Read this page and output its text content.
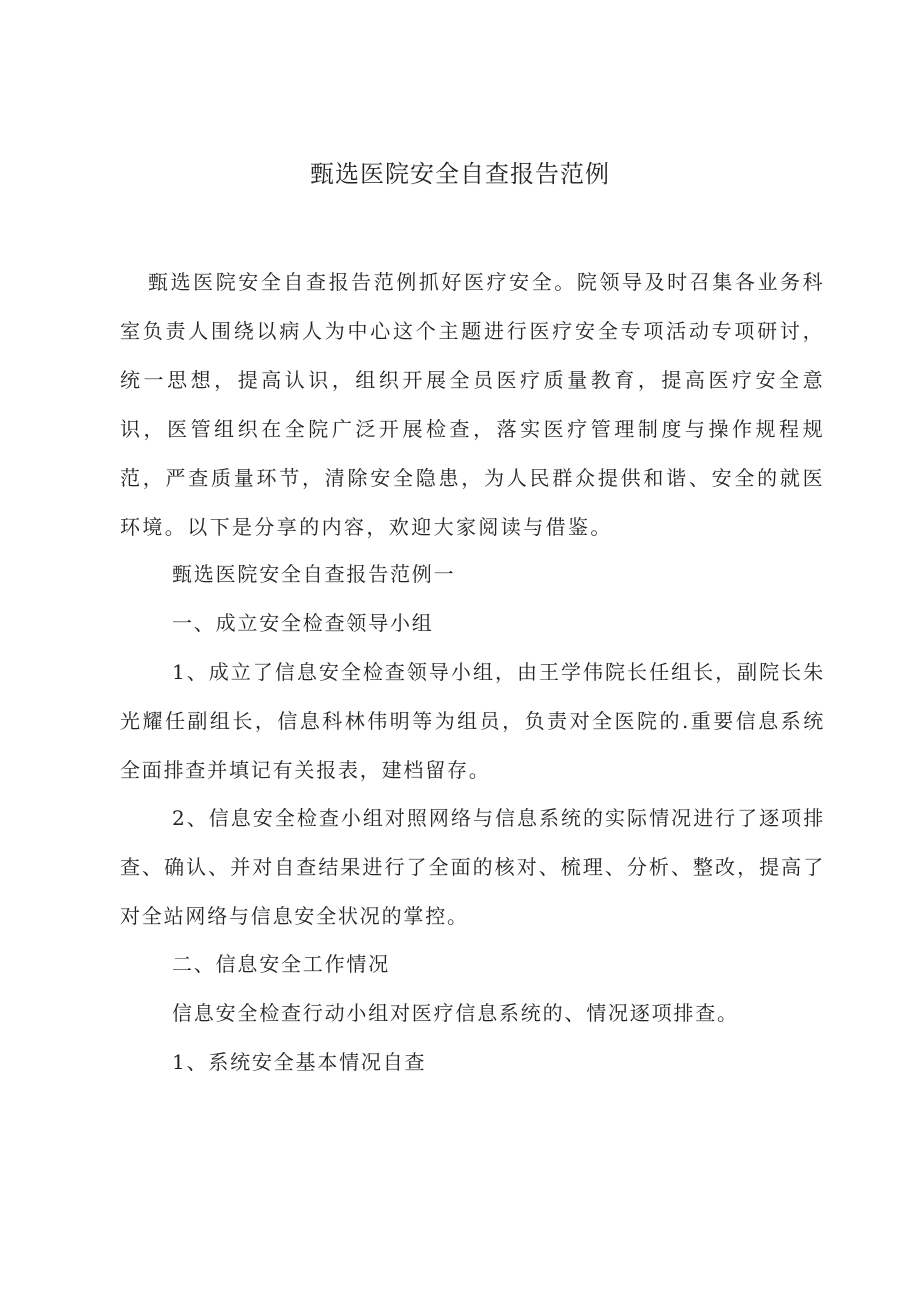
甄选医院安全自查报告范例
甄选医院安全自查报告范例抓好医疗安全。院领导及时召集各业务科室负责人围绕以病人为中心这个主题进行医疗安全专项活动专项研讨，统一思想，提高认识，组织开展全员医疗质量教育，提高医疗安全意识，医管组织在全院广泛开展检查，落实医疗管理制度与操作规程规范，严查质量环节，清除安全隐患，为人民群众提供和谐、安全的就医环境。以下是分享的内容，欢迎大家阅读与借鉴。
甄选医院安全自查报告范例一
一、成立安全检查领导小组
1、成立了信息安全检查领导小组，由王学伟院长任组长，副院长朱光耀任副组长，信息科林伟明等为组员，负责对全医院的.重要信息系统全面排查并填记有关报表，建档留存。
2、信息安全检查小组对照网络与信息系统的实际情况进行了逐项排查、确认、并对自查结果进行了全面的核对、梳理、分析、整改，提高了对全站网络与信息安全状况的掌控。
二、信息安全工作情况
信息安全检查行动小组对医疗信息系统的、情况逐项排查。
1、系统安全基本情况自查
